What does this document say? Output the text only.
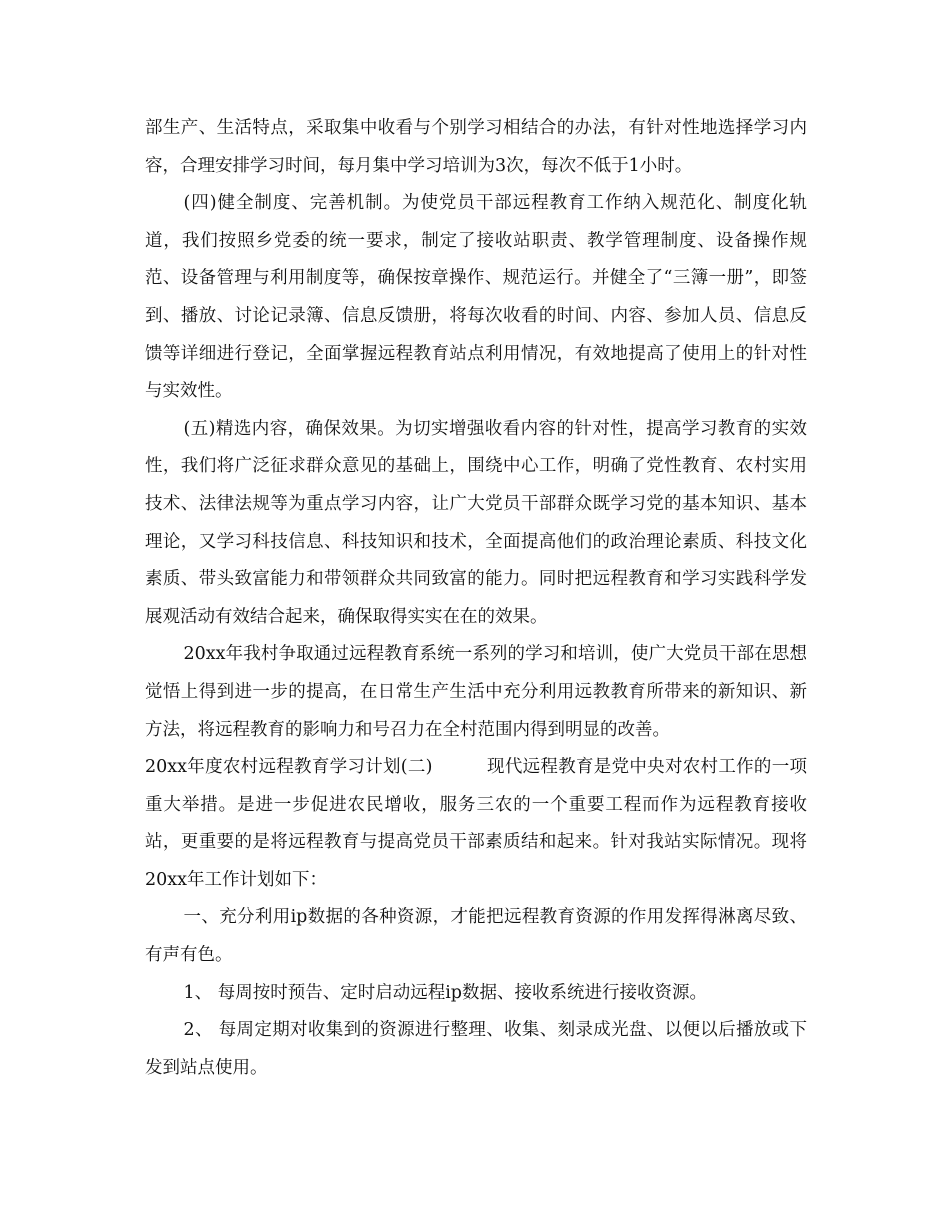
部生产、生活特点，采取集中收看与个别学习相结合的办法，有针对性地选择学习内容，合理安排学习时间，每月集中学习培训为3次，每次不低于1小时。

(四)健全制度、完善机制。为使党员干部远程教育工作纳入规范化、制度化轨道，我们按照乡党委的统一要求，制定了接收站职责、教学管理制度、设备操作规范、设备管理与利用制度等，确保按章操作、规范运行。并健全了“三簿一册”，即签到、播放、讨论记录簿、信息反馈册，将每次收看的时间、内容、参加人员、信息反馈等详细进行登记，全面掌握远程教育站点利用情况，有效地提高了使用上的针对性与实效性。

(五)精选内容，确保效果。为切实增强收看内容的针对性，提高学习教育的实效性，我们将广泛征求群众意见的基础上，围绕中心工作，明确了党性教育、农村实用技术、法律法规等为重点学习内容，让广大党员干部群众既学习党的基本知识、基本理论，又学习科技信息、科技知识和技术，全面提高他们的政治理论素质、科技文化素质、带头致富能力和带领群众共同致富的能力。同时把远程教育和学习实践科学发展观活动有效结合起来，确保取得实实在在的效果。

20xx年我村争取通过远程教育系统一系列的学习和培训，使广大党员干部在思想觉悟上得到进一步的提高，在日常生产生活中充分利用远教教育所带来的新知识、新方法，将远程教育的影响力和号召力在全村范围内得到明显的改善。

20xx年度农村远程教育学习计划(二)	现代远程教育是党中央对农村工作的一项重大举措。是进一步促进农民增收，服务三农的一个重要工程而作为远程教育接收站，更重要的是将远程教育与提高党员干部素质结和起来。针对我站实际情况。现将20xx年工作计划如下：

一、充分利用ip数据的各种资源，才能把远程教育资源的作用发挥得淋离尽致、有声有色。

1、 每周按时预告、定时启动远程ip数据、接收系统进行接收资源。

2、 每周定期对收集到的资源进行整理、收集、刻录成光盘、以便以后播放或下发到站点使用。
